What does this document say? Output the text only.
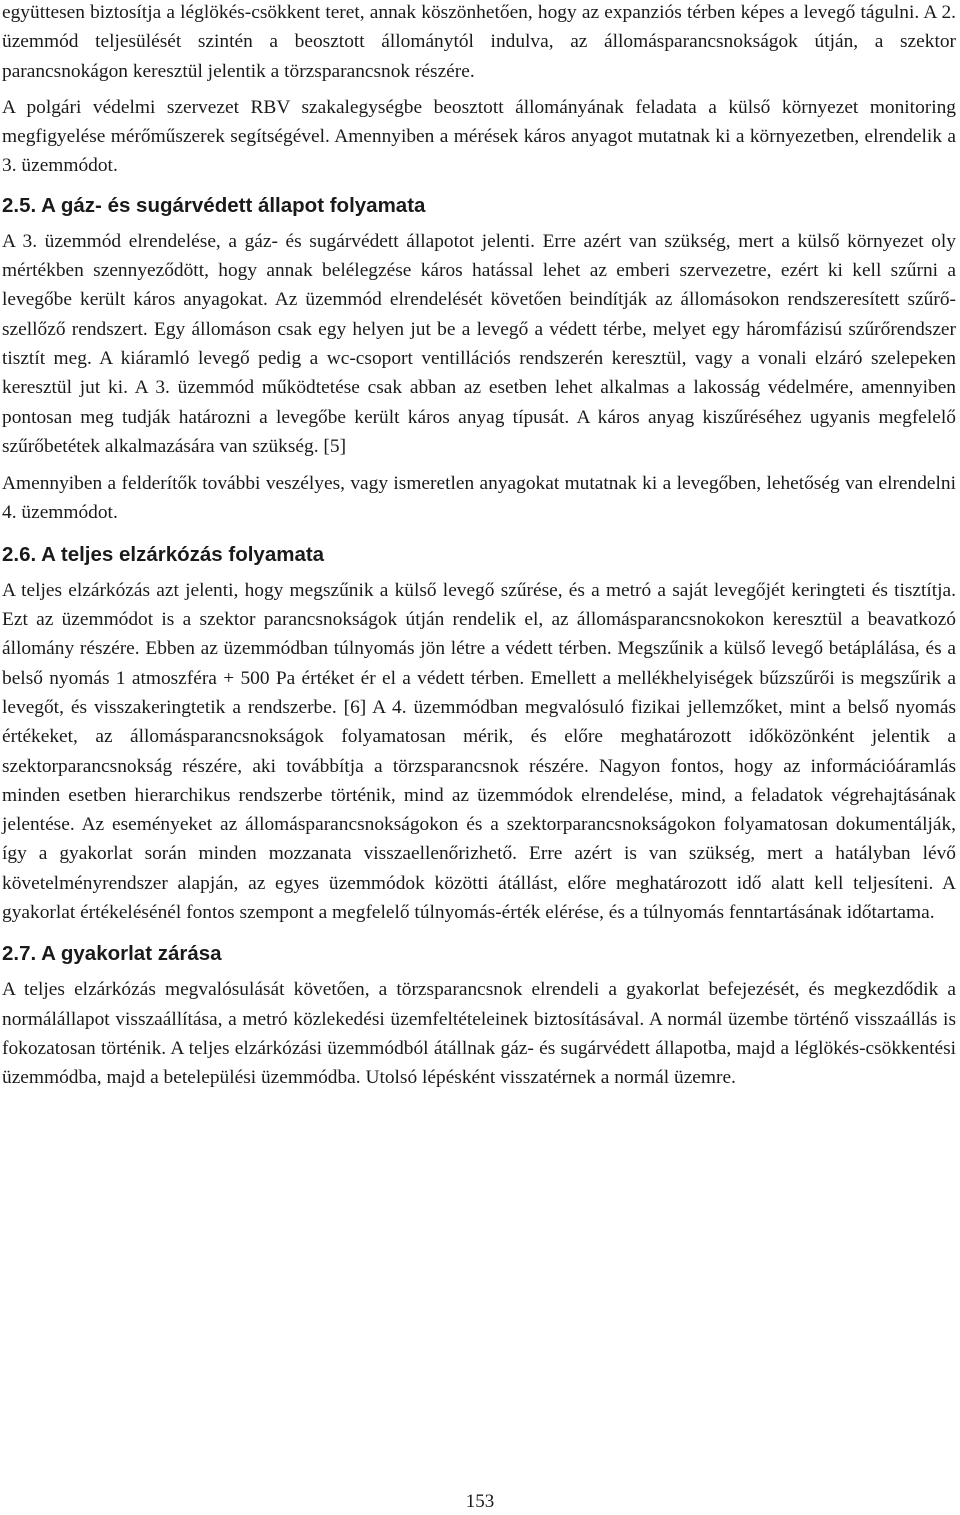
együttesen biztosítja a léglökés-csökkent teret, annak köszönhetően, hogy az expanziós térben képes a levegő tágulni. A 2. üzemmód teljesülését szintén a beosztott állománytól indulva, az állomásparancsnokságok útján, a szektor parancsnokágon keresztül jelentik a törzsparancsnok részére.

A polgári védelmi szervezet RBV szakalegységbe beosztott állományának feladata a külső környezet monitoring megfigyelése mérőműszerek segítségével. Amennyiben a mérések káros anyagot mutatnak ki a környezetben, elrendelik a 3. üzemmódot.

2.5. A gáz- és sugárvédett állapot folyamata

A 3. üzemmód elrendelése, a gáz- és sugárvédett állapotot jelenti. Erre azért van szükség, mert a külső környezet oly mértékben szennyeződött, hogy annak belélegzése káros hatással lehet az emberi szervezetre, ezért ki kell szűrni a levegőbe került káros anyagokat. Az üzemmód elrendelését követően beindítják az állomásokon rendszeresített szűrő-szellőző rendszert. Egy állomáson csak egy helyen jut be a levegő a védett térbe, melyet egy háromfázisú szűrőrendszer tisztít meg. A kiáramló levegő pedig a wc-csoport ventillációs rendszerén keresztül, vagy a vonali elzáró szelepeken keresztül jut ki. A 3. üzemmód működtetése csak abban az esetben lehet alkalmas a lakosság védelmére, amennyiben pontosan meg tudják határozni a levegőbe került káros anyag típusát. A káros anyag kiszűréséhez ugyanis megfelelő szűrőbetétek alkalmazására van szükség. [5]

Amennyiben a felderítők további veszélyes, vagy ismeretlen anyagokat mutatnak ki a levegőben, lehetőség van elrendelni 4. üzemmódot.

2.6. A teljes elzárkózás folyamata

A teljes elzárkózás azt jelenti, hogy megszűnik a külső levegő szűrése, és a metró a saját levegőjét keringteti és tisztítja. Ezt az üzemmódot is a szektor parancsnokságok útján rendelik el, az állomásparancsnokokon keresztül a beavatkozó állomány részére. Ebben az üzemmódban túlnyomás jön létre a védett térben. Megszűnik a külső levegő betáplálása, és a belső nyomás 1 atmoszféra + 500 Pa értéket ér el a védett térben. Emellett a mellékhelyiségek bűzszűrői is megszűrik a levegőt, és visszakeringtetik a rendszerbe. [6] A 4. üzemmódban megvalósuló fizikai jellemzőket, mint a belső nyomás értékeket, az állomásparancsnokságok folyamatosan mérik, és előre meghatározott időközönként jelentik a szektorparancsnokság részére, aki továbbítja a törzsparancsnok részére. Nagyon fontos, hogy az információáramlás minden esetben hierarchikus rendszerbe történik, mind az üzemmódok elrendelése, mind, a feladatok végrehajtásának jelentése. Az eseményeket az állomásparancsnokságokon és a szektorparancsnokságokon folyamatosan dokumentálják, így a gyakorlat során minden mozzanata visszaellenőrizhető. Erre azért is van szükség, mert a hatályban lévő követelményrendszer alapján, az egyes üzemmódok közötti átállást, előre meghatározott idő alatt kell teljesíteni. A gyakorlat értékelésénél fontos szempont a megfelelő túlnyomás-érték elérése, és a túlnyomás fenntartásának időtartama.

2.7. A gyakorlat zárása

A teljes elzárkózás megvalósulását követően, a törzsparancsnok elrendeli a gyakorlat befejezését, és megkezdődik a normálállapot visszaállítása, a metró közlekedési üzemfeltételeinek biztosításával. A normál üzembe történő visszaállás is fokozatosan történik. A teljes elzárkózási üzemmódból átállnak gáz- és sugárvédett állapotba, majd a léglökés-csökkentési üzemmódba, majd a betelepülési üzemmódba. Utolsó lépésként visszatérnek a normál üzemre.

153
